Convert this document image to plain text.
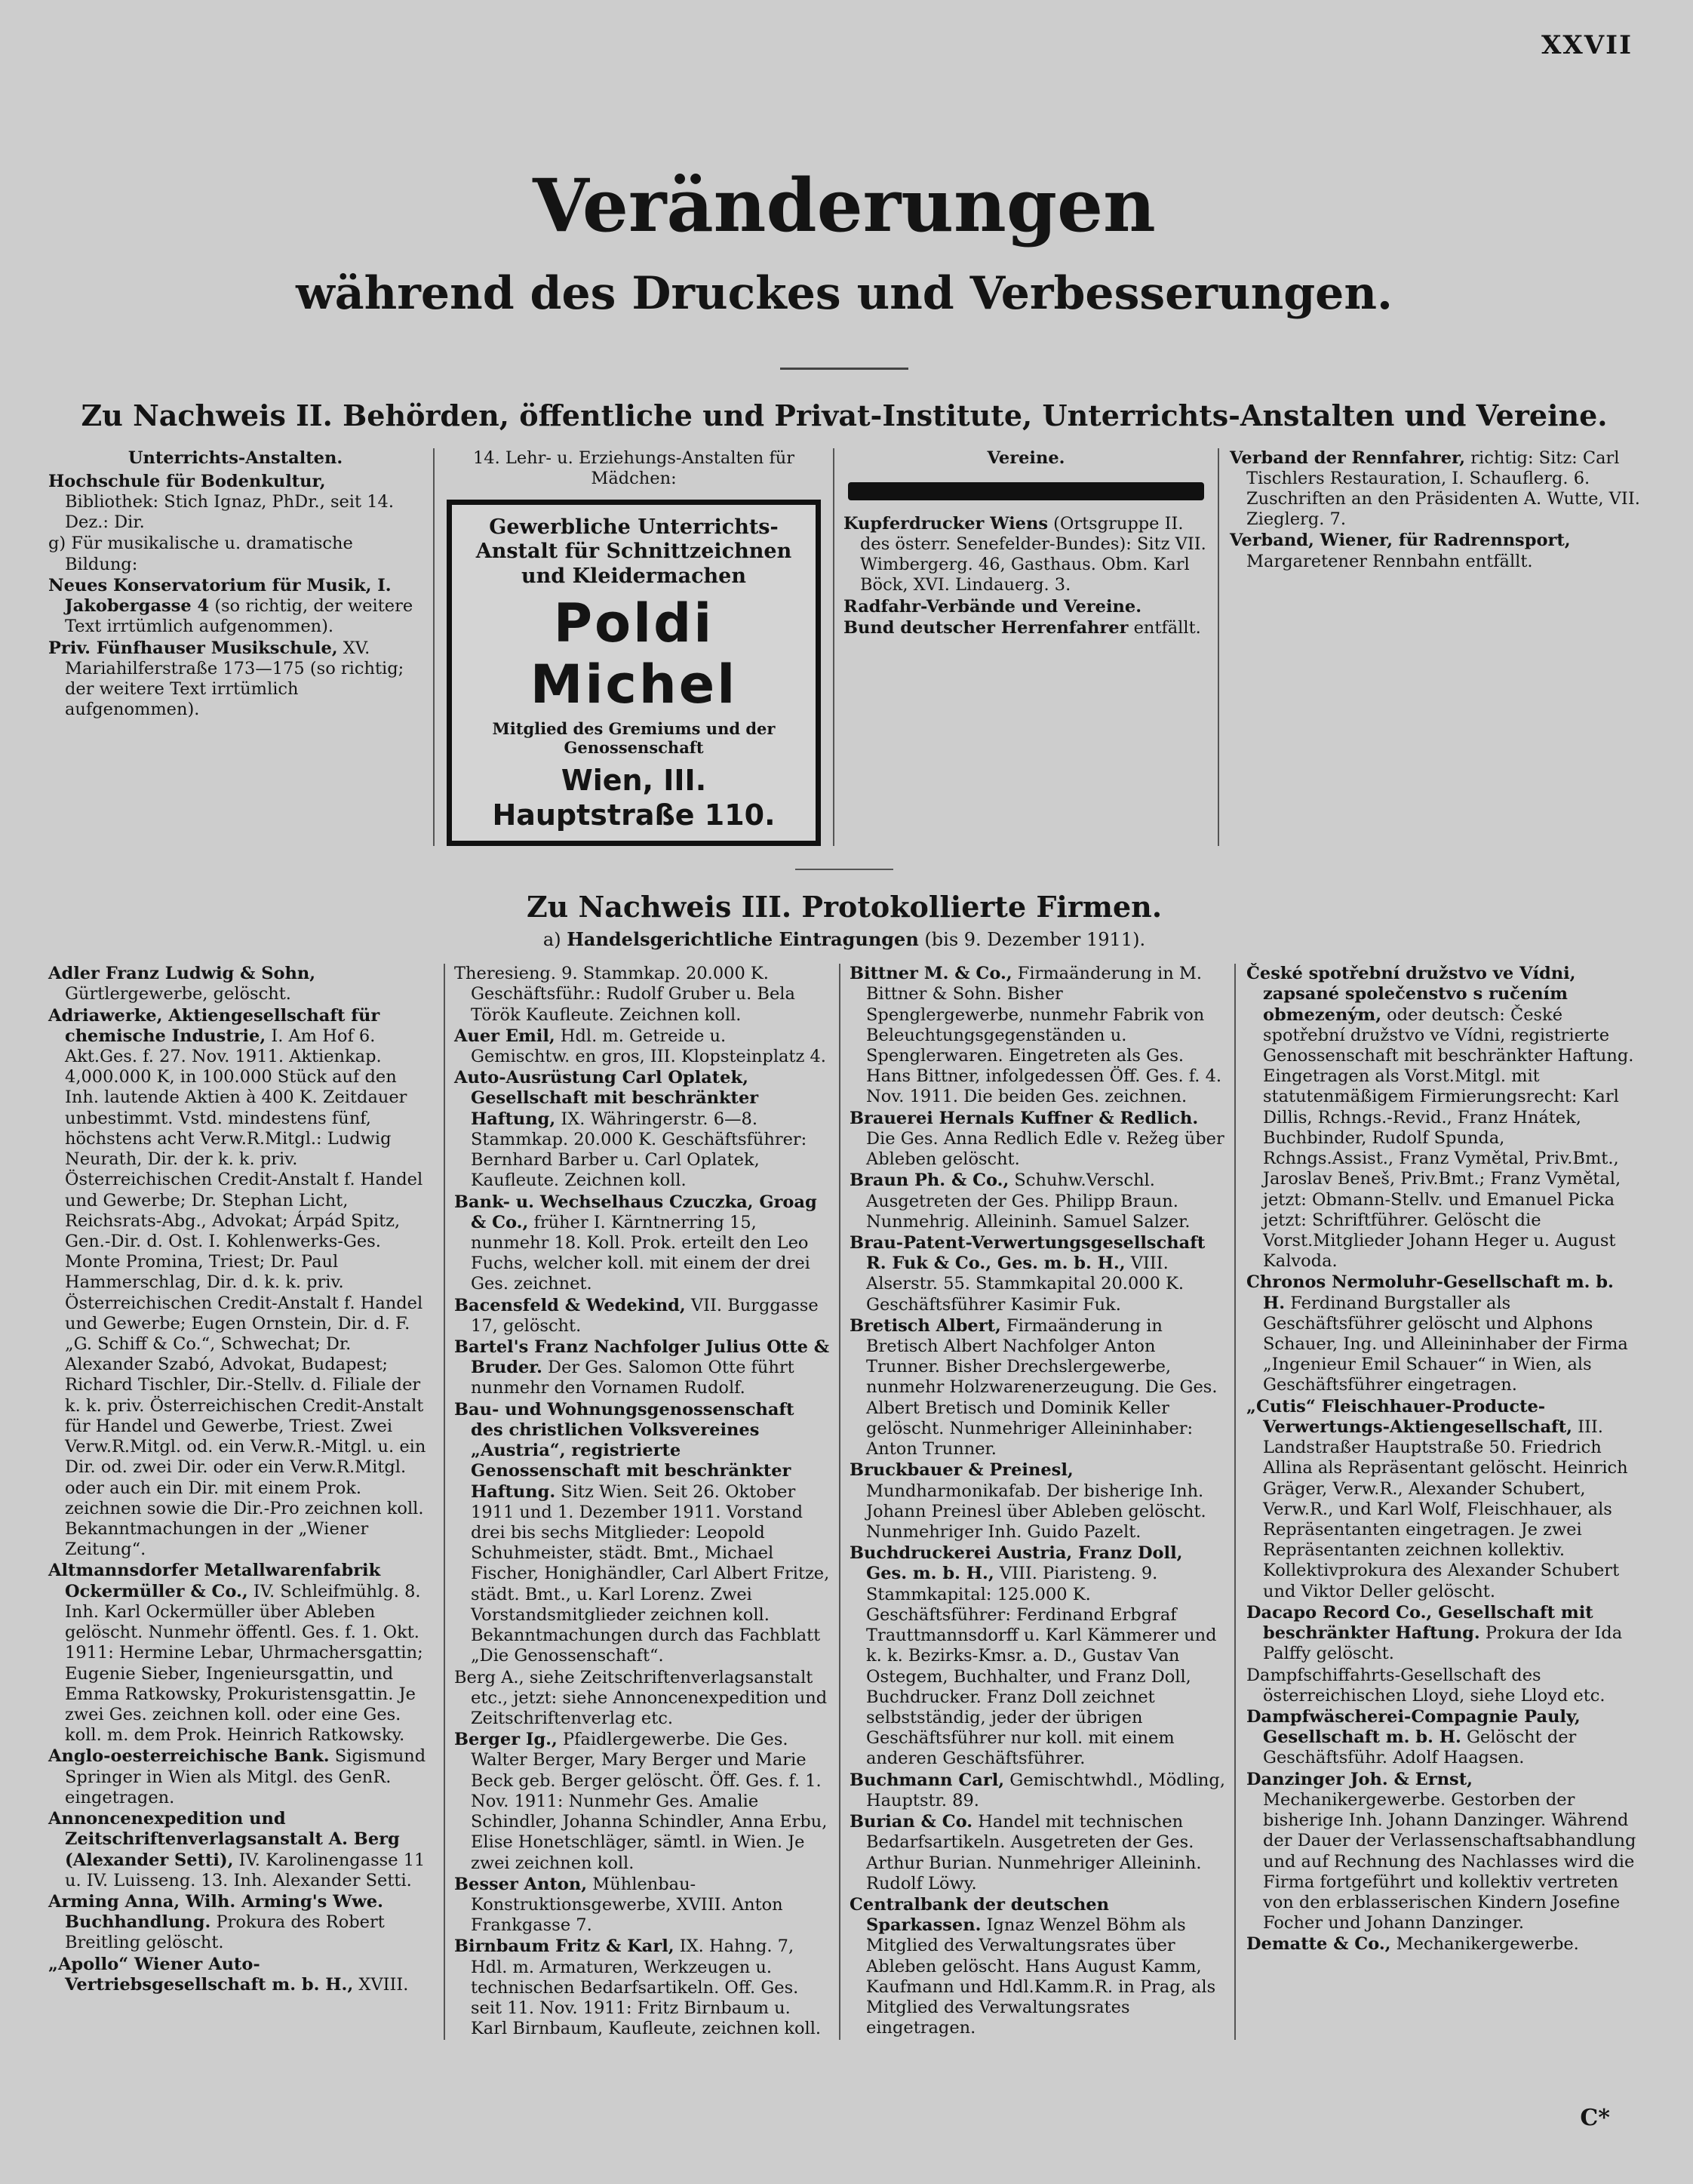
XXVII
Veränderungen
während des Druckes und Verbesserungen.
Zu Nachweis II. Behörden, öffentliche und Privat-Institute, Unterrichts-Anstalten und Vereine.
Unterrichts-Anstalten.

Hochschule für Bodenkultur, Bibliothek: Stich Ignaz, PhDr., seit 14. Dez.: Dir.

g) Für musikalische u. dramatische Bildung:

Neues Konservatorium für Musik, I. Jakobergasse 4 (so richtig, der weitere Text irrtümlich aufgenommen).

Priv. Fünfhauser Musikschule, XV. Mariahilferstraße 173—175 (so richtig; der weitere Text irrtümlich aufgenommen).

14. Lehr- u. Erziehungs-Anstalten für Mädchen:
Gewerbliche Unterrichts-Anstalt für Schnittzeichnen und Kleidermachen
Poldi Michel
Mitglied des Gremiums und der Genossenschaft
Wien, III. Hauptstraße 110.
Vereine.

Kupferdrucker Wiens (Ortsgruppe II. des österr. Senefelder-Bundes): Sitz VII. Wimbergerg. 46, Gasthaus. Obm. Karl Böck, XVI. Lindauerg. 3.

Radfahr-Verbände und Vereine.

Bund deutscher Herrenfahrer entfällt.

Verband der Rennfahrer, richtig: Sitz: Carl Tischlers Restauration, I. Schauflerg. 6. Zuschriften an den Präsidenten A. Wutte, VII. Zieglerg. 7.

Verband, Wiener, für Radrennsport, Margaretener Rennbahn entfällt.

Zu Nachweis III. Protokollierte Firmen.
a) Handelsgerichtliche Eintragungen (bis 9. Dezember 1911).

Adler Franz Ludwig & Sohn, Gürtlergewerbe, gelöscht.

Adriawerke, Aktiengesellschaft für chemische Industrie, I. Am Hof 6. Akt.Ges. f. 27. Nov. 1911. Aktienkap. 4,000.000 K, in 100.000 Stück auf den Inh. lautende Aktien à 400 K. Zeitdauer unbestimmt. Vstd. mindestens fünf, höchstens acht Verw.R.Mitgl.: Ludwig Neurath, Dir. der k. k. priv. Österreichischen Credit-Anstalt f. Handel und Gewerbe; Dr. Stephan Licht, Reichsrats-Abg., Advokat; Árpád Spitz, Gen.-Dir. d. Ost. I. Kohlenwerks-Ges. Monte Promina, Triest; Dr. Paul Hammerschlag, Dir. d. k. k. priv. Österreichischen Credit-Anstalt f. Handel und Gewerbe; Eugen Ornstein, Dir. d. F. „G. Schiff & Co.“, Schwechat; Dr. Alexander Szabó, Advokat, Budapest; Richard Tischler, Dir.-Stellv. d. Filiale der k. k. priv. Österreichischen Credit-Anstalt für Handel und Gewerbe, Triest. Zwei Verw.R.Mitgl. od. ein Verw.R.-Mitgl. u. ein Dir. od. zwei Dir. oder ein Verw.R.Mitgl. oder auch ein Dir. mit einem Prok. zeichnen sowie die Dir.-Pro zeichnen koll. Bekanntmachungen in der „Wiener Zeitung“.

Altmannsdorfer Metallwarenfabrik Ockermüller & Co., IV. Schleifmühlg. 8. Inh. Karl Ockermüller über Ableben gelöscht. Nunmehr öffentl. Ges. f. 1. Okt. 1911: Hermine Lebar, Uhrmachersgattin; Eugenie Sieber, Ingenieursgattin, und Emma Ratkowsky, Prokuristensgattin. Je zwei Ges. zeichnen koll. oder eine Ges. koll. m. dem Prok. Heinrich Ratkowsky.

Anglo-oesterreichische Bank. Sigismund Springer in Wien als Mitgl. des GenR. eingetragen.

Annoncenexpedition und Zeitschriftenverlagsanstalt A. Berg (Alexander Setti), IV. Karolinengasse 11 u. IV. Luisseng. 13. Inh. Alexander Setti.

Arming Anna, Wilh. Arming's Wwe. Buchhandlung. Prokura des Robert Breitling gelöscht.

„Apollo“ Wiener Auto-Vertriebsgesellschaft m. b. H., XVIII.

Theresieng. 9. Stammkap. 20.000 K. Geschäftsführ.: Rudolf Gruber u. Bela Török Kaufleute. Zeichnen koll.

Auer Emil, Hdl. m. Getreide u. Gemischtw. en gros, III. Klopsteinplatz 4.

Auto-Ausrüstung Carl Oplatek, Gesellschaft mit beschränkter Haftung, IX. Währingerstr. 6—8. Stammkap. 20.000 K. Geschäftsführer: Bernhard Barber u. Carl Oplatek, Kaufleute. Zeichnen koll.

Bank- u. Wechselhaus Czuczka, Groag & Co., früher I. Kärntnerring 15, nunmehr 18. Koll. Prok. erteilt den Leo Fuchs, welcher koll. mit einem der drei Ges. zeichnet.

Bacensfeld & Wedekind, VII. Burggasse 17, gelöscht.

Bartel's Franz Nachfolger Julius Otte & Bruder. Der Ges. Salomon Otte führt nunmehr den Vornamen Rudolf.

Bau- und Wohnungsgenossenschaft des christlichen Volksvereines „Austria“, registrierte Genossenschaft mit beschränkter Haftung. Sitz Wien. Seit 26. Oktober 1911 und 1. Dezember 1911. Vorstand drei bis sechs Mitglieder: Leopold Schuhmeister, städt. Bmt., Michael Fischer, Honighändler, Carl Albert Fritze, städt. Bmt., u. Karl Lorenz. Zwei Vorstandsmitglieder zeichnen koll. Bekanntmachungen durch das Fachblatt „Die Genossenschaft“.

Berg A., siehe Zeitschriftenverlagsanstalt etc., jetzt: siehe Annoncenexpedition und Zeitschriftenverlag etc.

Berger Ig., Pfaidlergewerbe. Die Ges. Walter Berger, Mary Berger und Marie Beck geb. Berger gelöscht. Öff. Ges. f. 1. Nov. 1911: Nunmehr Ges. Amalie Schindler, Johanna Schindler, Anna Erbu, Elise Honetschläger, sämtl. in Wien. Je zwei zeichnen koll.

Besser Anton, Mühlenbau-Konstruktionsgewerbe, XVIII. Anton Frankgasse 7.

Birnbaum Fritz & Karl, IX. Hahng. 7, Hdl. m. Armaturen, Werkzeugen u. technischen Bedarfsartikeln. Off. Ges. seit 11. Nov. 1911: Fritz Birnbaum u. Karl Birnbaum, Kaufleute, zeichnen koll.

Bittner M. & Co., Firmaänderung in M. Bittner & Sohn. Bisher Spenglergewerbe, nunmehr Fabrik von Beleuchtungsgegenständen u. Spenglerwaren. Eingetreten als Ges. Hans Bittner, infolgedessen Öff. Ges. f. 4. Nov. 1911. Die beiden Ges. zeichnen.

Brauerei Hernals Kuffner & Redlich. Die Ges. Anna Redlich Edle v. Režeg über Ableben gelöscht.

Braun Ph. & Co., Schuhw.Verschl. Ausgetreten der Ges. Philipp Braun. Nunmehrig. Alleininh. Samuel Salzer.

Brau-Patent-Verwertungsgesellschaft R. Fuk & Co., Ges. m. b. H., VIII. Alserstr. 55. Stammkapital 20.000 K. Geschäftsführer Kasimir Fuk.

Bretisch Albert, Firmaänderung in Bretisch Albert Nachfolger Anton Trunner. Bisher Drechslergewerbe, nunmehr Holzwarenerzeugung. Die Ges. Albert Bretisch und Dominik Keller gelöscht. Nunmehriger Alleininhaber: Anton Trunner.

Bruckbauer & Preinesl, Mundharmonikafab. Der bisherige Inh. Johann Preinesl über Ableben gelöscht. Nunmehriger Inh. Guido Pazelt.

Buchdruckerei Austria, Franz Doll, Ges. m. b. H., VIII. Piaristeng. 9. Stammkapital: 125.000 K. Geschäftsführer: Ferdinand Erbgraf Trauttmannsdorff u. Karl Kämmerer und k. k. Bezirks-Kmsr. a. D., Gustav Van Ostegem, Buchhalter, und Franz Doll, Buchdrucker. Franz Doll zeichnet selbstständig, jeder der übrigen Geschäftsführer nur koll. mit einem anderen Geschäftsführer.

Buchmann Carl, Gemischtwhdl., Mödling, Hauptstr. 89.

Burian & Co. Handel mit technischen Bedarfsartikeln. Ausgetreten der Ges. Arthur Burian. Nunmehriger Alleininh. Rudolf Löwy.

Centralbank der deutschen Sparkassen. Ignaz Wenzel Böhm als Mitglied des Verwaltungsrates über Ableben gelöscht. Hans August Kamm, Kaufmann und Hdl.Kamm.R. in Prag, als Mitglied des Verwaltungsrates eingetragen.

České spotřební družstvo ve Vídni, zapsané společenstvo s ručením obmezeným, oder deutsch: České spotřební družstvo ve Vídni, registrierte Genossenschaft mit beschränkter Haftung. Eingetragen als Vorst.Mitgl. mit statutenmäßigem Firmierungsrecht: Karl Dillis, Rchngs.-Revid., Franz Hnátek, Buchbinder, Rudolf Spunda, Rchngs.Assist., Franz Vymětal, Priv.Bmt., Jaroslav Beneš, Priv.Bmt.; Franz Vymětal, jetzt: Obmann-Stellv. und Emanuel Picka jetzt: Schriftführer. Gelöscht die Vorst.Mitglieder Johann Heger u. August Kalvoda.

Chronos Nermoluhr-Gesellschaft m. b. H. Ferdinand Burgstaller als Geschäftsführer gelöscht und Alphons Schauer, Ing. und Alleininhaber der Firma „Ingenieur Emil Schauer“ in Wien, als Geschäftsführer eingetragen.

„Cutis“ Fleischhauer-Producte-Verwertungs-Aktiengesellschaft, III. Landstraßer Hauptstraße 50. Friedrich Allina als Repräsentant gelöscht. Heinrich Gräger, Verw.R., Alexander Schubert, Verw.R., und Karl Wolf, Fleischhauer, als Repräsentanten eingetragen. Je zwei Repräsentanten zeichnen kollektiv. Kollektivprokura des Alexander Schubert und Viktor Deller gelöscht.

Dacapo Record Co., Gesellschaft mit beschränkter Haftung. Prokura der Ida Palffy gelöscht.

Dampfschiffahrts-Gesellschaft des österreichischen Lloyd, siehe Lloyd etc.

Dampfwäscherei-Compagnie Pauly, Gesellschaft m. b. H. Gelöscht der Geschäftsführ. Adolf Haagsen.

Danzinger Joh. & Ernst, Mechanikergewerbe. Gestorben der bisherige Inh. Johann Danzinger. Während der Dauer der Verlassenschaftsabhandlung und auf Rechnung des Nachlasses wird die Firma fortgeführt und kollektiv vertreten von den erblasserischen Kindern Josefine Focher und Johann Danzinger.

Dematte & Co., Mechanikergewerbe.

C*
